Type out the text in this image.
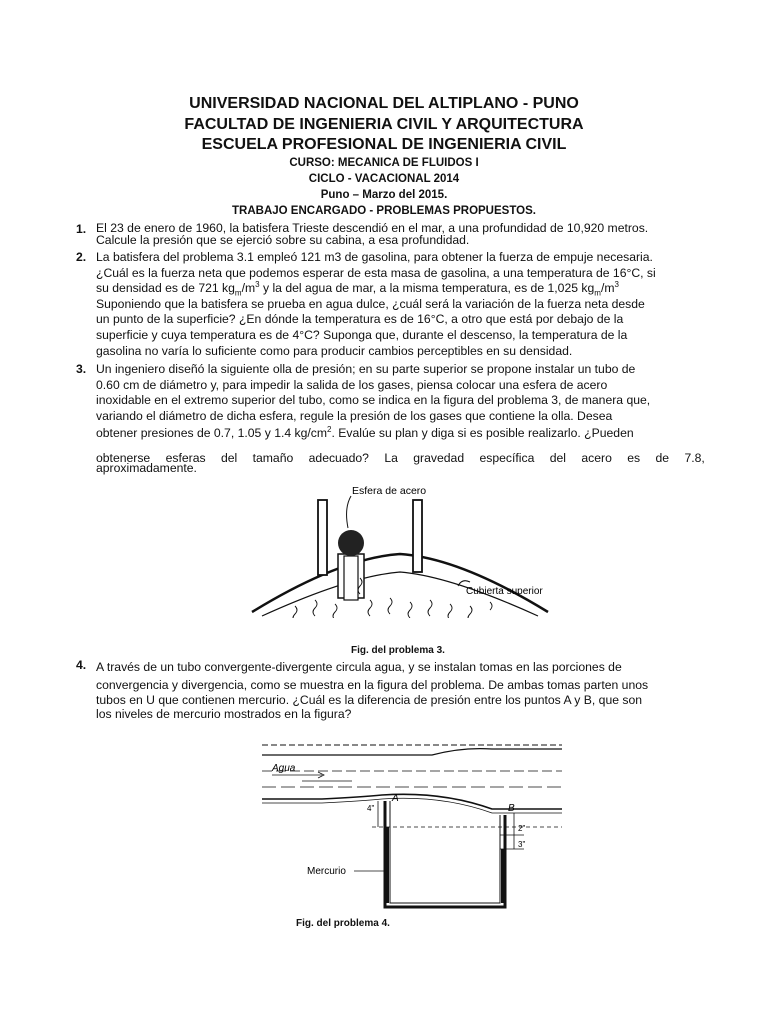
UNIVERSIDAD NACIONAL DEL ALTIPLANO - PUNO
FACULTAD DE INGENIERIA CIVIL Y ARQUITECTURA
ESCUELA PROFESIONAL DE INGENIERIA CIVIL
CURSO: MECANICA DE FLUIDOS I
CICLO - VACACIONAL 2014
Puno – Marzo del 2015.
TRABAJO ENCARGADO - PROBLEMAS PROPUESTOS.
1. El 23 de enero de 1960, la batisfera Trieste descendió en el mar, a una profundidad de 10,920 metros.
Calcule la presión que se ejerció sobre su cabina, a esa profundidad.
2. La batisfera del problema 3.1 empleó 121 m3 de gasolina, para obtener la fuerza de empuje necesaria.
¿Cuál es la fuerza neta que podemos esperar de esta masa de gasolina, a una temperatura de 16°C, si
su densidad es de 721 $kg_m/m^3$ y la del agua de mar, a la misma temperatura, es de 1,025 $kg_m/m^3$
Suponiendo que la batisfera se prueba en agua dulce, ¿cuál será la variación de la fuerza neta desde
un punto de la superficie? ¿En dónde la temperatura es de 16°C, a otro que está por debajo de la
superficie y cuya temperatura es de 4°C? Suponga que, durante el descenso, la temperatura de la
gasolina no varía lo suficiente como para producir cambios perceptibles en su densidad.
3. Un ingeniero diseñó la siguiente olla de presión; en su parte superior se propone instalar un tubo de
0.60 cm de diámetro y, para impedir la salida de los gases, piensa colocar una esfera de acero
inoxidable en el extremo superior del tubo, como se indica en la figura del problema 3, de manera que,
variando el diámetro de dicha esfera, regule la presión de los gases que contiene la olla. Desea
obtener presiones de 0.7, 1.05 y 1.4 $kg/cm^2$. Evalúe su plan y diga si es posible realizarlo. ¿Pueden
obtenerse esferas del tamaño adecuado? La gravedad específica del acero es de 7.8,
aproximadamente.
Esfera de acero
Cubierta superior
Fig. del problema 3.
4. A través de un tubo convergente-divergente circula agua, y se instalan tomas en las porciones de
convergencia y divergencia, como se muestra en la figura del problema. De ambas tomas parten unos
tubos en U que contienen mercurio. ¿Cuál es la diferencia de presión entre los puntos A y B, que son
los niveles de mercurio mostrados en la figura?
Agua
4"
2"
3"
A
B
Mercurio
Fig. del problema 4.
